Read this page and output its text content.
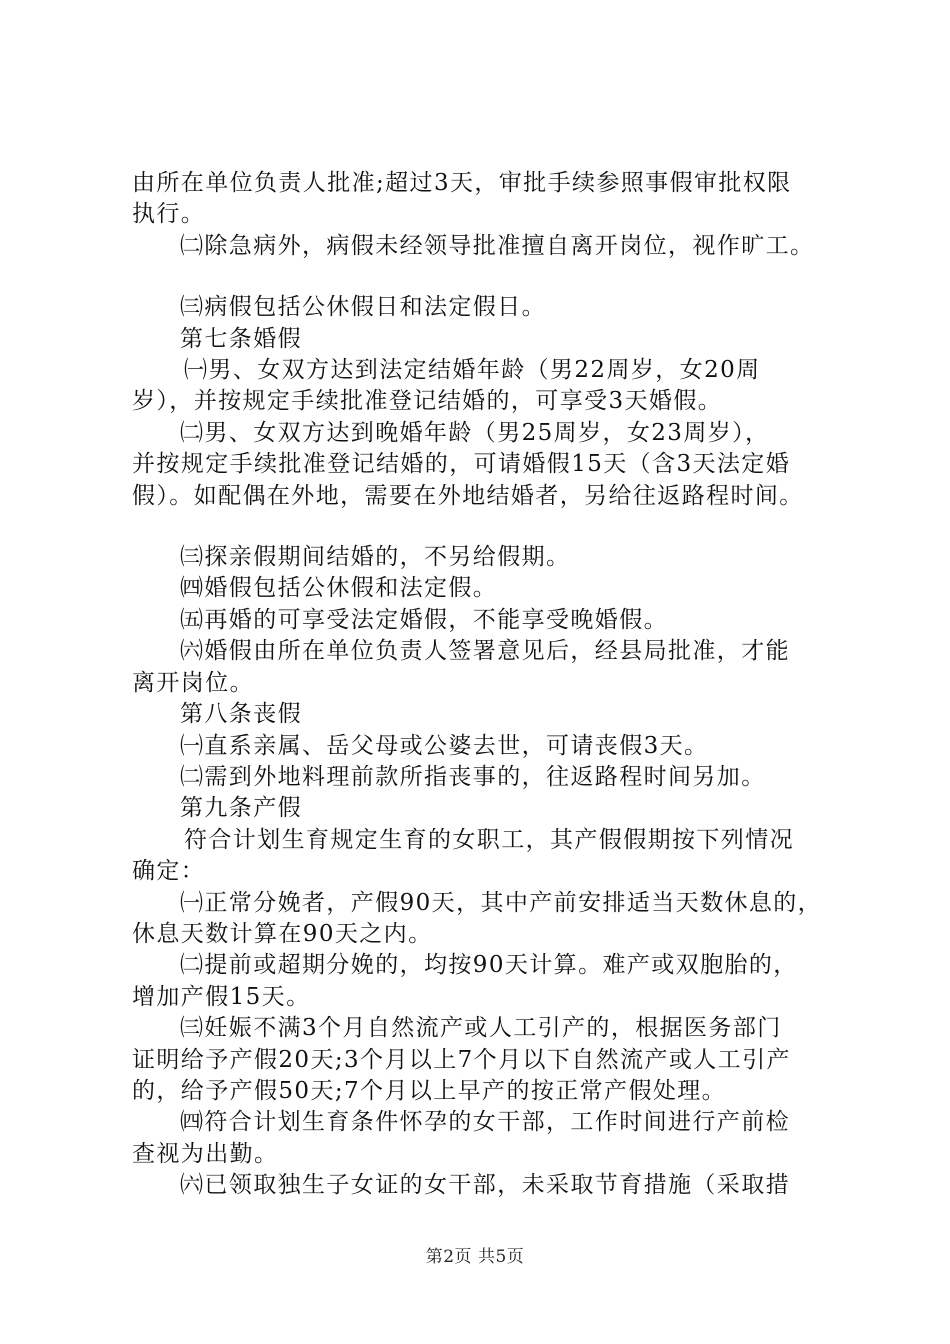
由所在单位负责人批准;超过3天，审批手续参照事假审批权限
执行。
㈡除急病外，病假未经领导批准擅自离开岗位，视作旷工。
㈢病假包括公休假日和法定假日。
第七条婚假
㈠男、女双方达到法定结婚年龄（男22周岁，女20周
岁），并按规定手续批准登记结婚的，可享受3天婚假。
㈡男、女双方达到晚婚年龄（男25周岁，女23周岁），
并按规定手续批准登记结婚的，可请婚假15天（含3天法定婚
假）。如配偶在外地，需要在外地结婚者，另给往返路程时间。
㈢探亲假期间结婚的，不另给假期。
㈣婚假包括公休假和法定假。
㈤再婚的可享受法定婚假，不能享受晚婚假。
㈥婚假由所在单位负责人签署意见后，经县局批准，才能
离开岗位。
第八条丧假
㈠直系亲属、岳父母或公婆去世，可请丧假3天。
㈡需到外地料理前款所指丧事的，往返路程时间另加。
第九条产假
符合计划生育规定生育的女职工，其产假假期按下列情况
确定：
㈠正常分娩者，产假90天，其中产前安排适当天数休息的，
休息天数计算在90天之内。
㈡提前或超期分娩的，均按90天计算。难产或双胞胎的，
增加产假15天。
㈢妊娠不满3个月自然流产或人工引产的，根据医务部门
证明给予产假20天;3个月以上7个月以下自然流产或人工引产
的，给予产假50天;7个月以上早产的按正常产假处理。
㈣符合计划生育条件怀孕的女干部，工作时间进行产前检
查视为出勤。
㈥已领取独生子女证的女干部，未采取节育措施（采取措
第2页 共5页
